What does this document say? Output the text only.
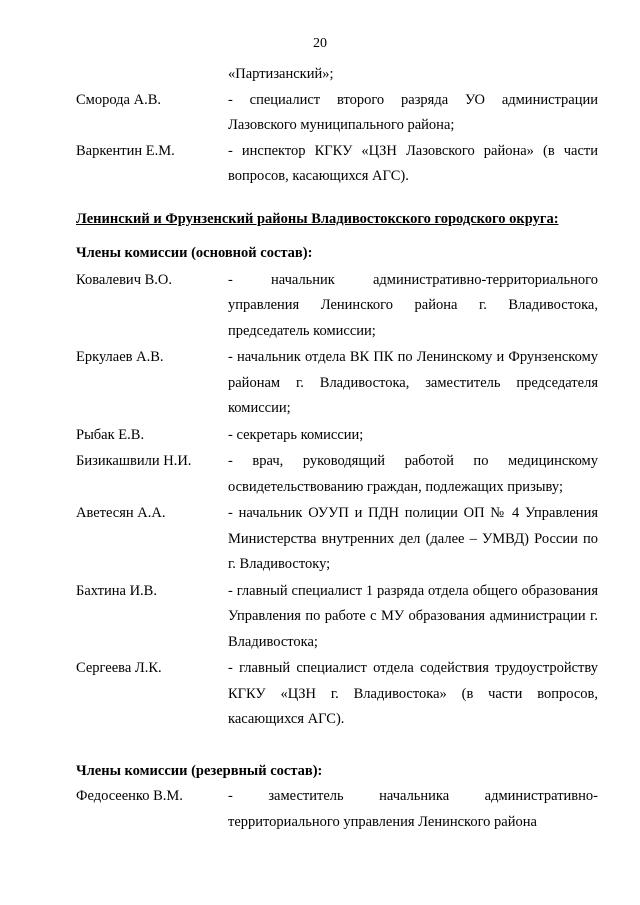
20
«Партизанский»;
Сморода А.В.	- специалист второго разряда УО администрации Лазовского муниципального района;
Варкентин Е.М.	- инспектор КГКУ «ЦЗН Лазовского района» (в части вопросов, касающихся АГС).
Ленинский и Фрунзенский районы Владивостокского городского округа:
Члены комиссии (основной состав):
Ковалевич В.О.	- начальник административно-территориального управления Ленинского района г. Владивостока, председатель комиссии;
Еркулаев А.В.	- начальник отдела ВК ПК по Ленинскому и Фрунзенскому районам г. Владивостока, заместитель председателя комиссии;
Рыбак Е.В.	- секретарь комиссии;
Бизикашвили Н.И.	- врач, руководящий работой по медицинскому освидетельствованию граждан, подлежащих призыву;
Аветесян А.А.	- начальник ОУУП и ПДН полиции ОП № 4 Управления Министерства внутренних дел (далее – УМВД) России по г. Владивостоку;
Бахтина И.В.	- главный специалист 1 разряда отдела общего образования Управления по работе с МУ образования администрации г. Владивостока;
Сергеева Л.К.	- главный специалист отдела содействия трудоустройству КГКУ «ЦЗН г. Владивостока» (в части вопросов, касающихся АГС).
Члены комиссии (резервный состав):
Федосеенко В.М.	- заместитель начальника административно-территориального управления Ленинского района
